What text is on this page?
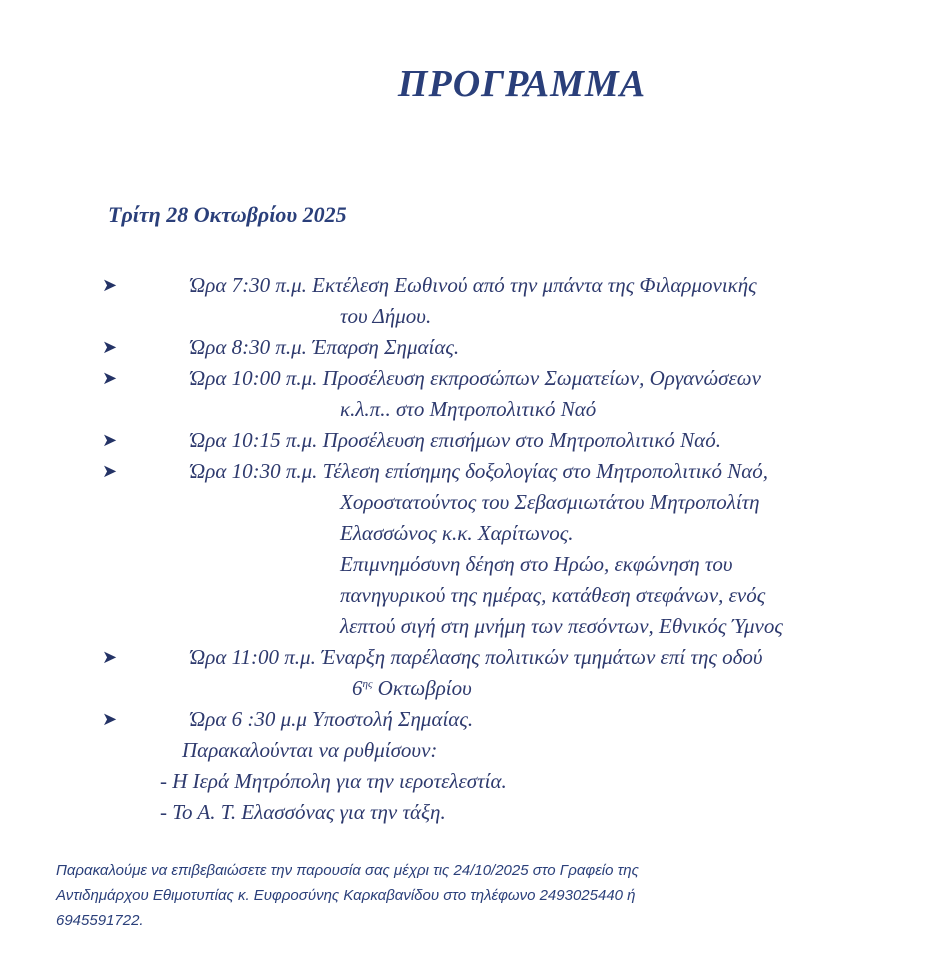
ΠΡΟΓΡΑΜΜΑ
Τρίτη 28 Οκτωβρίου 2025
➤	Ώρα 7:30 π.μ. Εκτέλεση Εωθινού από την μπάντα της Φιλαρμονικής
του Δήμου.
➤	Ώρα 8:30 π.μ. Έπαρση Σημαίας.
➤	Ώρα 10:00 π.μ. Προσέλευση εκπροσώπων Σωματείων, Οργανώσεων
κ.λ.π.. στο Μητροπολιτικό Ναό
➤	Ώρα 10:15 π.μ. Προσέλευση επισήμων στο Μητροπολιτικό Ναό.
➤	Ώρα 10:30 π.μ. Τέλεση επίσημης δοξολογίας στο Μητροπολιτικό Ναό,
Χοροστατούντος του Σεβασμιωτάτου Μητροπολίτη
Ελασσώνος κ.κ. Χαρίτωνος.
Επιμνημόσυνη δέηση στο Ηρώο, εκφώνηση του
πανηγυρικού της ημέρας, κατάθεση στεφάνων, ενός
λεπτού σιγή στη μνήμη των πεσόντων, Εθνικός Ύμνος
➤	Ώρα 11:00 π.μ. Έναρξη παρέλασης πολιτικών τμημάτων επί της οδού
$6^{\eta\varsigma}$ Οκτωβρίου
➤	Ώρα 6 :30 μ.μ Υποστολή Σημαίας.
Παρακαλούνται να ρυθμίσουν:
- Η Ιερά Μητρόπολη για την ιεροτελεστία.
- Το Α. Τ. Ελασσόνας για την τάξη.
Παρακαλούμε να επιβεβαιώσετε την παρουσία σας μέχρι τις 24/10/2025 στο Γραφείο της
Αντιδημάρχου Εθιμοτυπίας κ. Ευφροσύνης Καρκαβανίδου στο τηλέφωνο 2493025440 ή
6945591722.
